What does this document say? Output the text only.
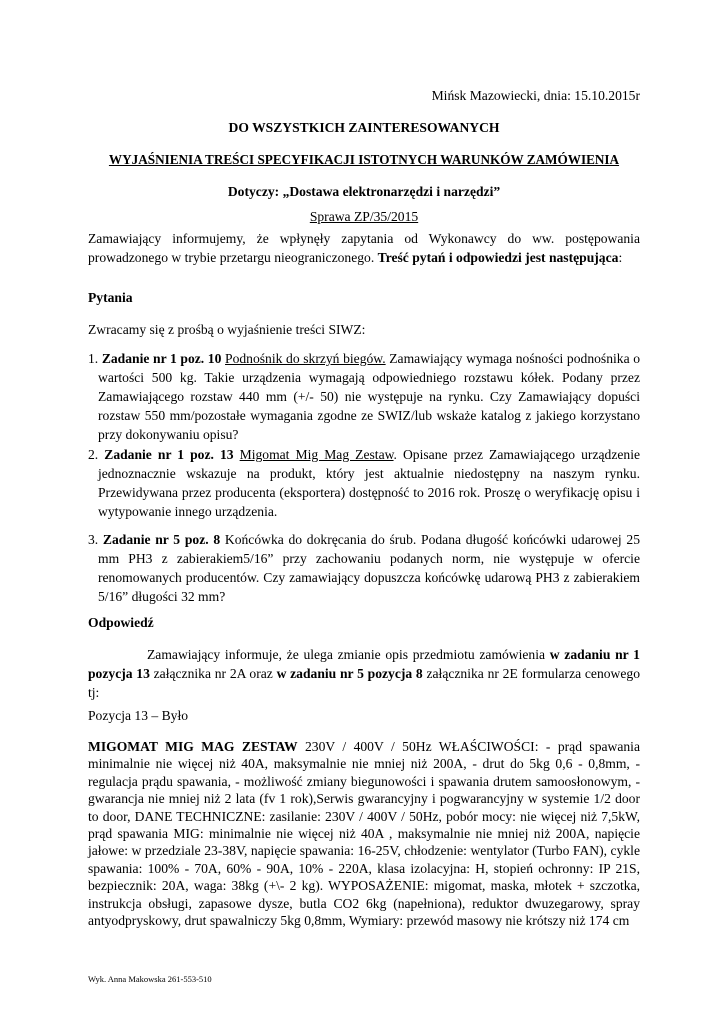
Mińsk Mazowiecki, dnia: 15.10.2015r
DO WSZYSTKICH ZAINTERESOWANYCH
WYJAŚNIENIA TREŚCI SPECYFIKACJI ISTOTNYCH WARUNKÓW ZAMÓWIENIA
Dotyczy: „Dostawa elektronarzędzi i narzędzi”
Sprawa ZP/35/2015

Zamawiający informujemy, że wpłynęły zapytania od Wykonawcy do ww. postępowania prowadzonego w trybie przetargu nieograniczonego. Treść pytań i odpowiedzi jest następująca:

Pytania
Zwracamy się z prośbą o wyjaśnienie treści SIWZ:

1. Zadanie nr 1 poz. 10 Podnośnik do skrzyń biegów. Zamawiający wymaga nośności podnośnika o wartości 500 kg. Takie urządzenia wymagają odpowiedniego rozstawu kółek. Podany przez Zamawiającego rozstaw 440 mm (+/- 50) nie występuje na rynku. Czy Zamawiający dopuści rozstaw 550 mm/pozostałe wymagania zgodne ze SWIZ/lub wskaże katalog z jakiego korzystano przy dokonywaniu opisu?

2. Zadanie nr 1 poz. 13 Migomat Mig Mag Zestaw. Opisane przez Zamawiającego urządzenie jednoznacznie wskazuje na produkt, który jest aktualnie niedostępny na naszym rynku. Przewidywana przez producenta (eksportera) dostępność to 2016 rok. Proszę o weryfikację opisu i wytypowanie innego urządzenia.

3. Zadanie nr 5 poz. 8 Końcówka do dokręcania do śrub. Podana długość końcówki udarowej 25 mm PH3 z zabierakiem5/16” przy zachowaniu podanych norm, nie występuje w ofercie renomowanych producentów. Czy zamawiający dopuszcza końcówkę udarową PH3 z zabierakiem 5/16” długości 32 mm?

Odpowiedź

Zamawiający informuje, że ulega zmianie opis przedmiotu zamówienia w zadaniu nr 1 pozycja 13 załącznika nr 2A oraz w zadaniu nr 5 pozycja 8 załącznika nr 2E formularza cenowego tj:

Pozycja 13 – Było

MIGOMAT MIG MAG ZESTAW 230V / 400V / 50Hz WŁAŚCIWOŚCI: - prąd spawania minimalnie nie więcej niż 40A, maksymalnie nie mniej niż 200A, - drut do 5kg 0,6 - 0,8mm, - regulacja prądu spawania, - możliwość zmiany biegunowości i spawania drutem samoosłonowym, - gwarancja nie mniej niż 2 lata (fv 1 rok),Serwis gwarancyjny i pogwarancyjny w systemie 1/2 door to door, DANE TECHNICZNE: zasilanie: 230V / 400V / 50Hz, pobór mocy: nie więcej niż 7,5kW, prąd spawania MIG: minimalnie nie więcej niż 40A , maksymalnie nie mniej niż 200A, napięcie jałowe: w przedziale 23-38V, napięcie spawania: 16-25V, chłodzenie: wentylator (Turbo FAN), cykle spawania: 100% - 70A, 60% - 90A, 10% - 220A, klasa izolacyjna: H, stopień ochronny: IP 21S, bezpiecznik: 20A, waga: 38kg (+\- 2 kg). WYPOSAŻENIE: migomat, maska, młotek + szczotka, instrukcja obsługi, zapasowe dysze, butla CO2 6kg (napełniona), reduktor dwuzegarowy, spray antyodpryskowy, drut spawalniczy 5kg 0,8mm, Wymiary: przewód masowy nie krótszy niż 174 cm

Wyk. Anna Makowska 261-553-510
